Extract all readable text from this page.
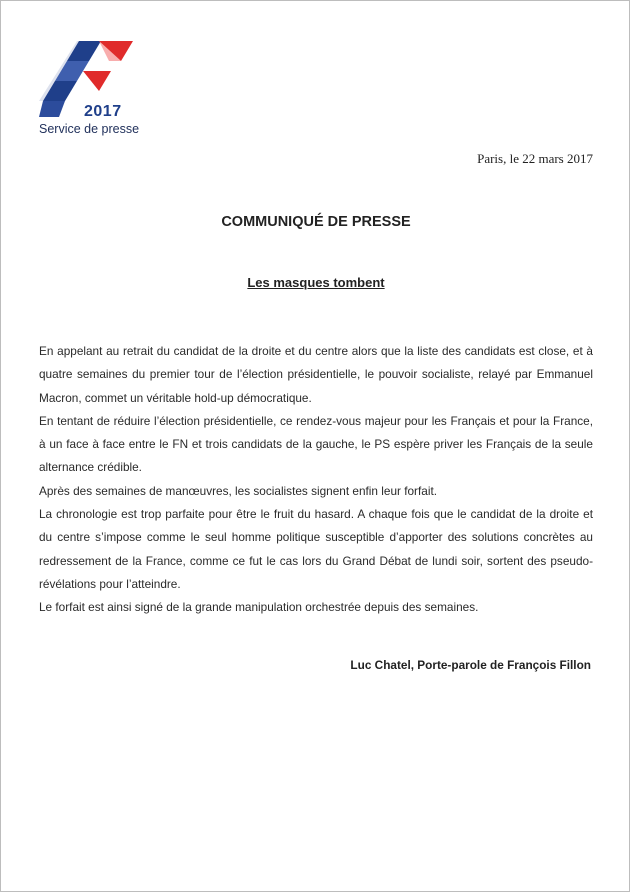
2017
Service de presse
Paris, le 22 mars 2017
COMMUNIQUÉ DE PRESSE
Les masques tombent

En appelant au retrait du candidat de la droite et du centre alors que la liste des candidats est close, et à quatre semaines du premier tour de l’élection présidentielle, le pouvoir socialiste, relayé par Emmanuel Macron, commet un véritable hold-up démocratique.

En tentant de réduire l’élection présidentielle, ce rendez-vous majeur pour les Français et pour la France, à un face à face entre le FN et trois candidats de la gauche, le PS espère priver les Français de la seule alternance crédible.

Après des semaines de manœuvres, les socialistes signent enfin leur forfait.

La chronologie est trop parfaite pour être le fruit du hasard. A chaque fois que le candidat de la droite et du centre s’impose comme le seul homme politique susceptible d’apporter des solutions concrètes au redressement de la France, comme ce fut le cas lors du Grand Débat de lundi soir, sortent des pseudo-révélations pour l’atteindre.

Le forfait est ainsi signé de la grande manipulation orchestrée depuis des semaines.

Luc Chatel, Porte-parole de François Fillon
